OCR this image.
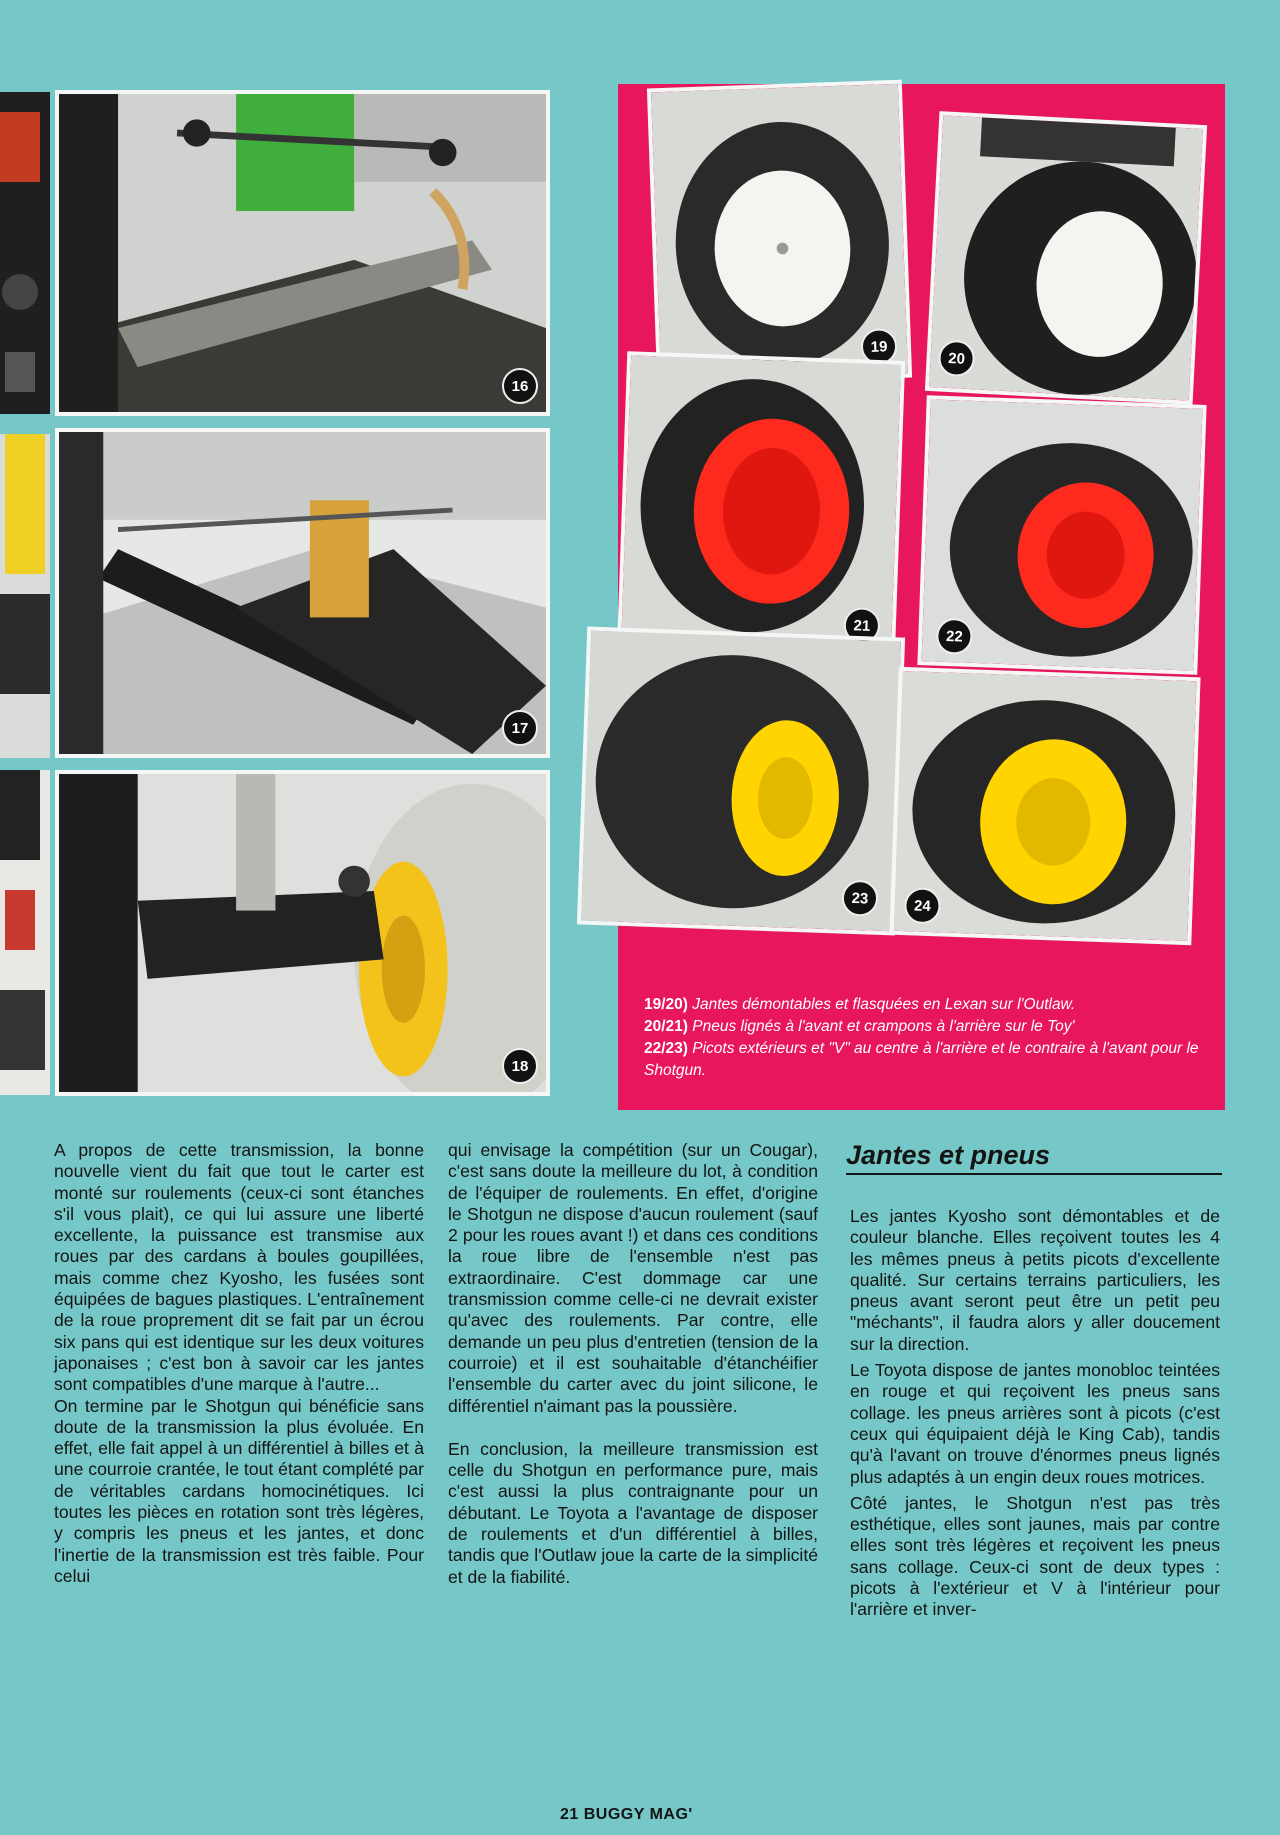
16
17
18
19
20
21
22
23	24
19/20) Jantes démontables et flasquées en Lexan sur l'Outlaw.
20/21) Pneus lignés à l'avant et crampons à l'arrière sur le Toy'
22/23) Picots extérieurs et "V" au centre à l'arrière et le contraire à l'avant pour le Shotgun.

A propos de cette transmission, la bonne nouvelle vient du fait que tout le carter est monté sur roulements (ceux-ci sont étanches s'il vous plait), ce qui lui assure une liberté excellente, la puissance est transmise aux roues par des cardans à boules goupillées, mais comme chez Kyosho, les fusées sont équipées de bagues plastiques. L'entraînement de la roue proprement dit se fait par un écrou six pans qui est identique sur les deux voitures japonaises ; c'est bon à savoir car les jantes sont compatibles d'une marque à l'autre...

On termine par le Shotgun qui bénéficie sans doute de la transmission la plus évoluée. En effet, elle fait appel à un différentiel à billes et à une courroie crantée, le tout étant complété par de véritables cardans homocinétiques. Ici toutes les pièces en rotation sont très légères, y compris les pneus et les jantes, et donc l'inertie de la transmission est très faible. Pour celui

qui envisage la compétition (sur un Cougar), c'est sans doute la meilleure du lot, à condition de l'équiper de roulements. En effet, d'origine le Shotgun ne dispose d'aucun roulement (sauf 2 pour les roues avant !) et dans ces conditions la roue libre de l'ensemble n'est pas extraordinaire. C'est dommage car une transmission comme celle-ci ne devrait exister qu'avec des roulements. Par contre, elle demande un peu plus d'entretien (tension de la courroie) et il est souhaitable d'étanchéifier l'ensemble du carter avec du joint silicone, le différentiel n'aimant pas la poussière.

En conclusion, la meilleure transmission est celle du Shotgun en performance pure, mais c'est aussi la plus contraignante pour un débutant. Le Toyota a l'avantage de disposer de roulements et d'un différentiel à billes, tandis que l'Outlaw joue la carte de la simplicité et de la fiabilité.

Jantes et pneus

Les jantes Kyosho sont démontables et de couleur blanche. Elles reçoivent toutes les 4 les mêmes pneus à petits picots d'excellente qualité. Sur certains terrains particuliers, les pneus avant seront peut être un petit peu "méchants", il faudra alors y aller doucement sur la direction.

Le Toyota dispose de jantes monobloc teintées en rouge et qui reçoivent les pneus sans collage. les pneus arrières sont à picots (c'est ceux qui équipaient déjà le King Cab), tandis qu'à l'avant on trouve d'énormes pneus lignés plus adaptés à un engin deux roues motrices.

Côté jantes, le Shotgun n'est pas très esthétique, elles sont jaunes, mais par contre elles sont très légères et reçoivent les pneus sans collage. Ceux-ci sont de deux types : picots à l'extérieur et V à l'intérieur pour l'arrière et inver-

21 BUGGY MAG'
